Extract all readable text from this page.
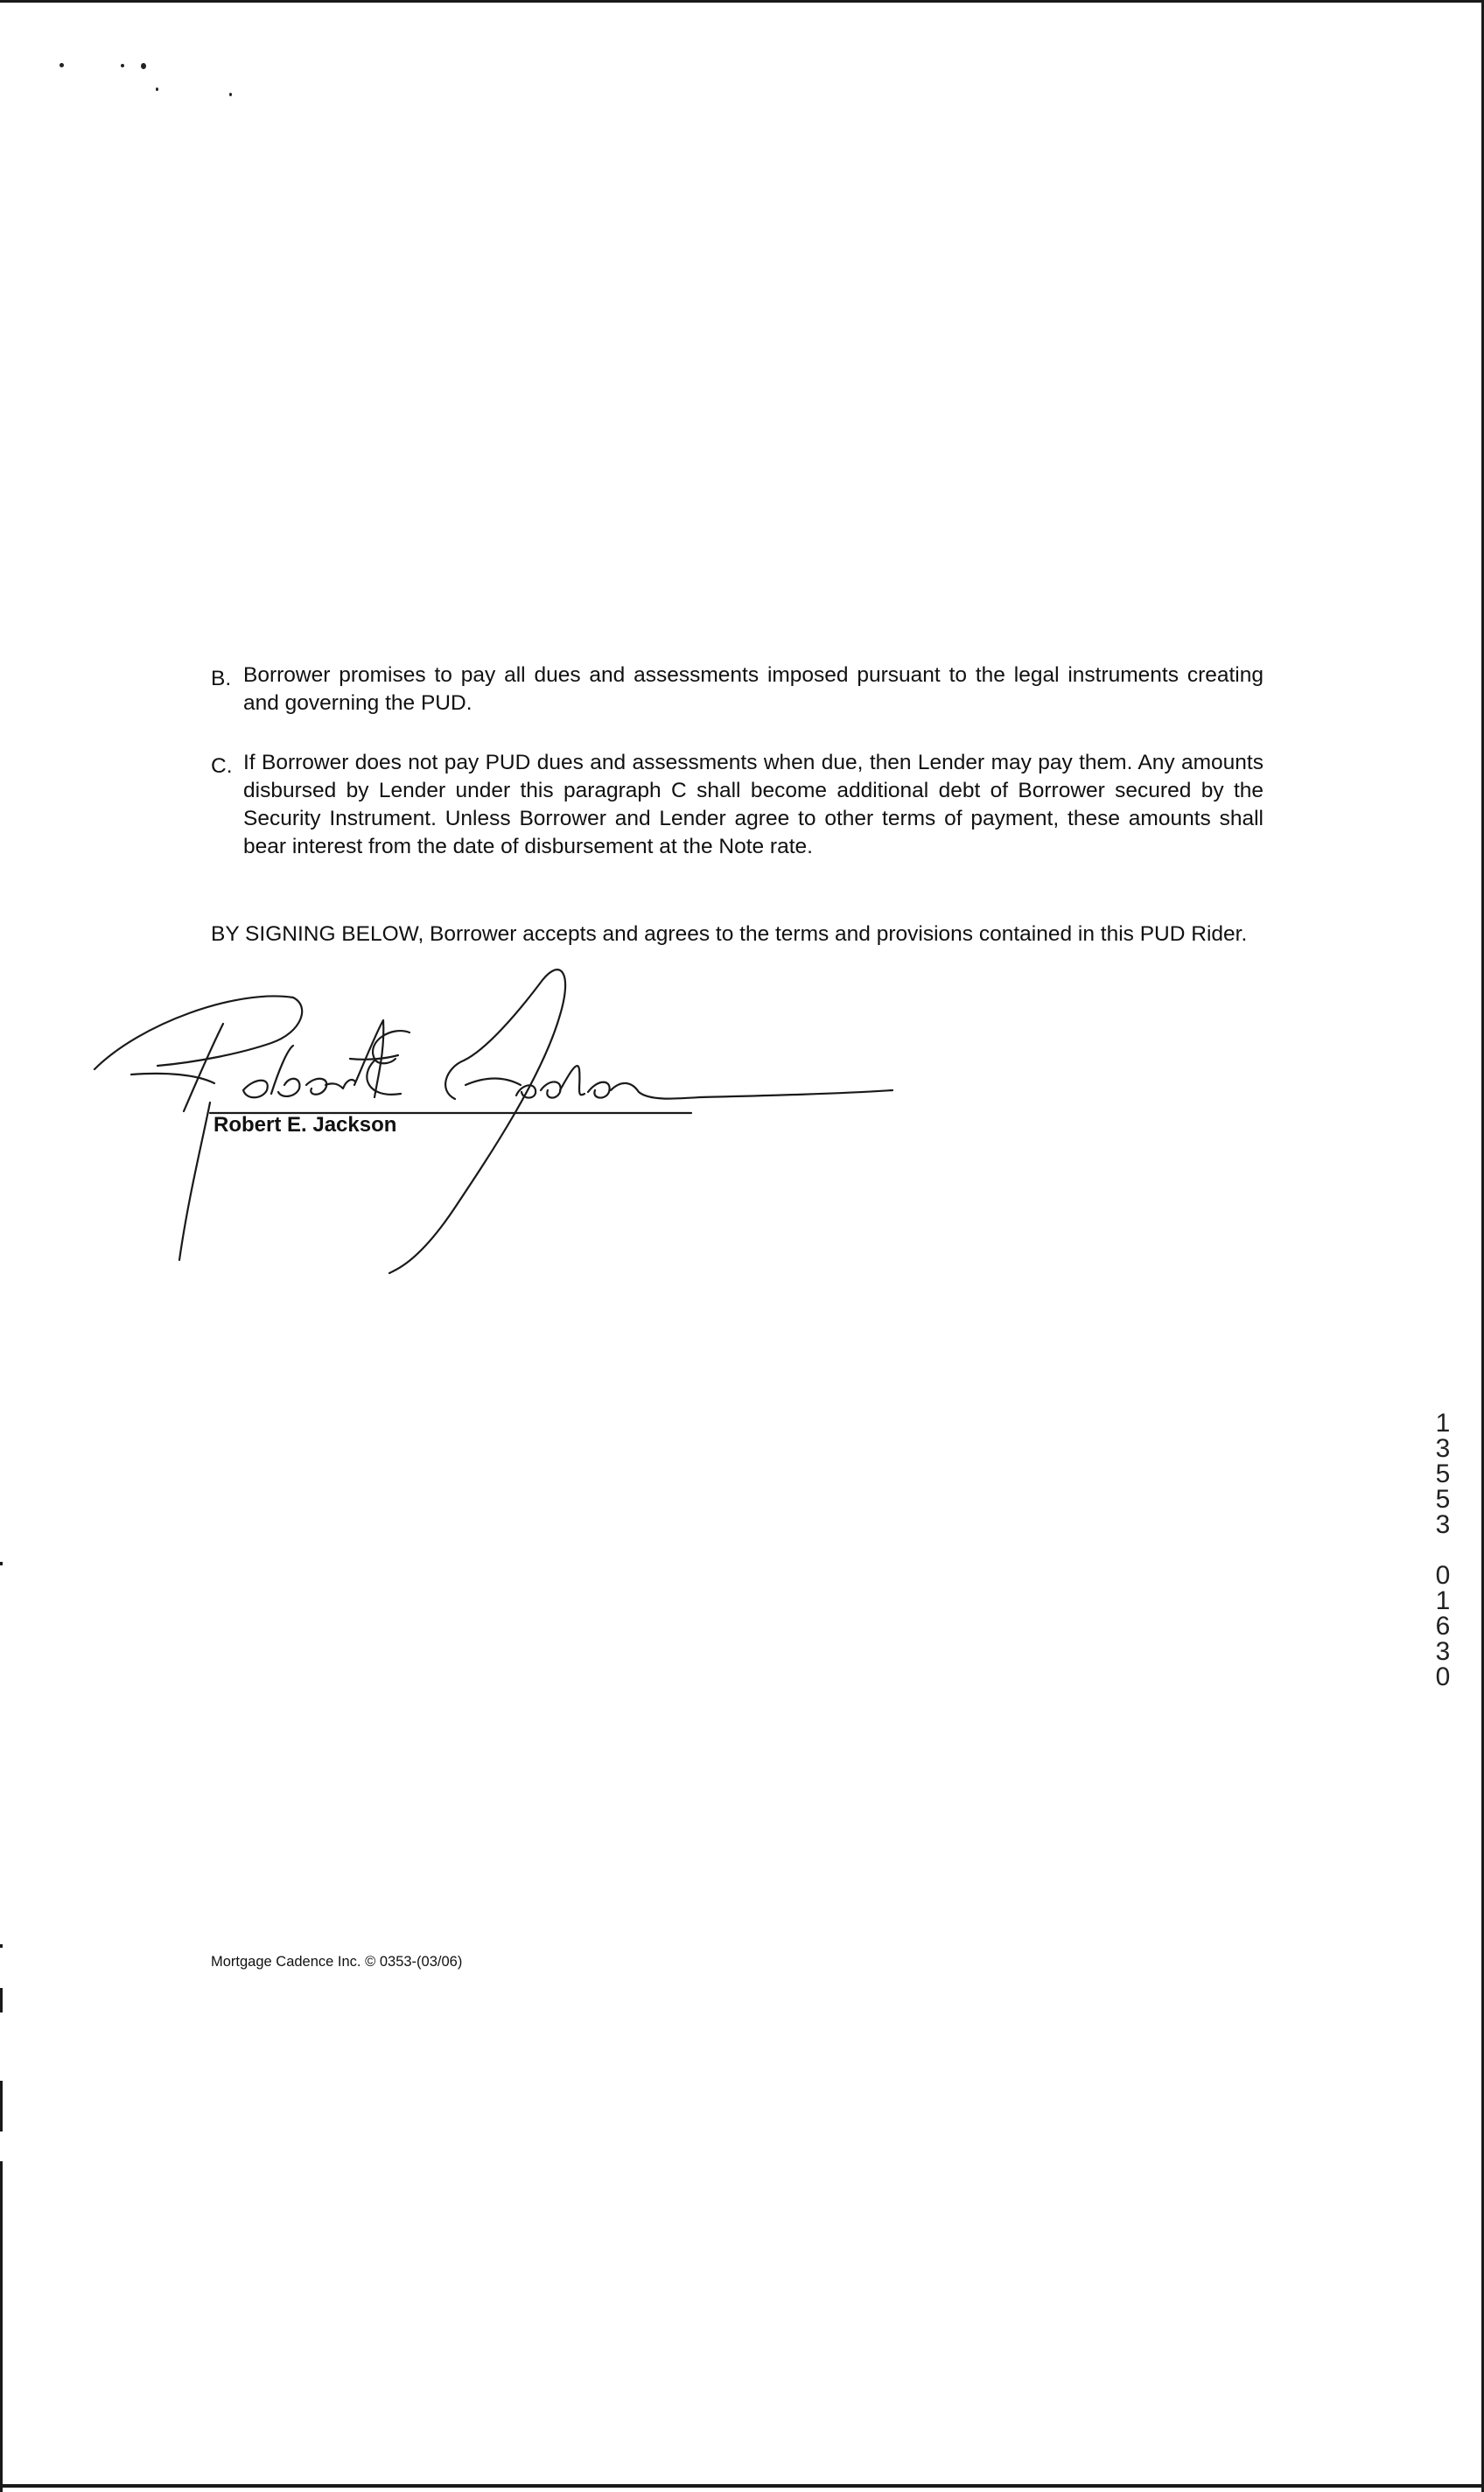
B. Borrower promises to pay all dues and assessments imposed pursuant to the legal instruments creating and governing the PUD.
C. If Borrower does not pay PUD dues and assessments when due, then Lender may pay them. Any amounts disbursed by Lender under this paragraph C shall become additional debt of Borrower secured by the Security Instrument. Unless Borrower and Lender agree to other terms of payment, these amounts shall bear interest from the date of disbursement at the Note rate.
BY SIGNING BELOW, Borrower accepts and agrees to the terms and provisions contained in this PUD Rider.
Robert E. Jackson
1
3
5
5
3

0
1
6
3
0
Mortgage Cadence Inc. © 0353-(03/06)
